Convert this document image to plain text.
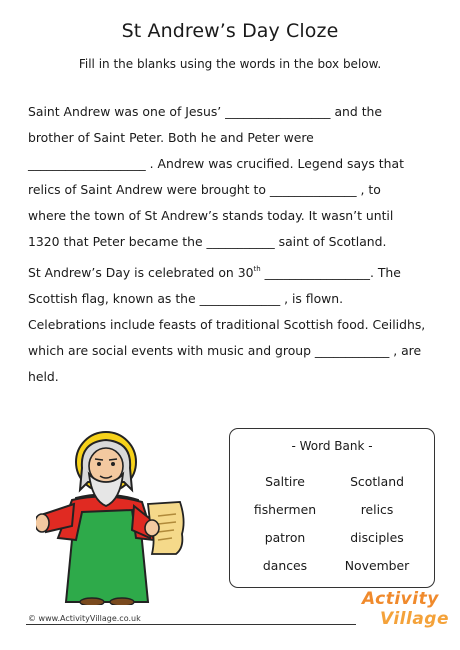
St Andrew’s Day Cloze
Fill in the blanks using the words in the box below.
Saint Andrew was one of Jesus’ _________________ and the
brother of Saint Peter. Both he and Peter were
___________________ . Andrew was crucified. Legend says that
relics of Saint Andrew were brought to ______________ , to
where the town of St Andrew’s stands today. It wasn’t until
1320 that Peter became the ___________ saint of Scotland.
St Andrew’s Day is celebrated on 30th _________________. The
Scottish flag, known as the _____________ , is flown.
Celebrations include feasts of traditional Scottish food. Ceilidhs,
which are social events with music and group ____________ , are
held.
- Word Bank -
Saltire	Scotland
fishermen	relics
patron	disciples
dances	November
© www.ActivityVillage.co.uk
Activity
Village
